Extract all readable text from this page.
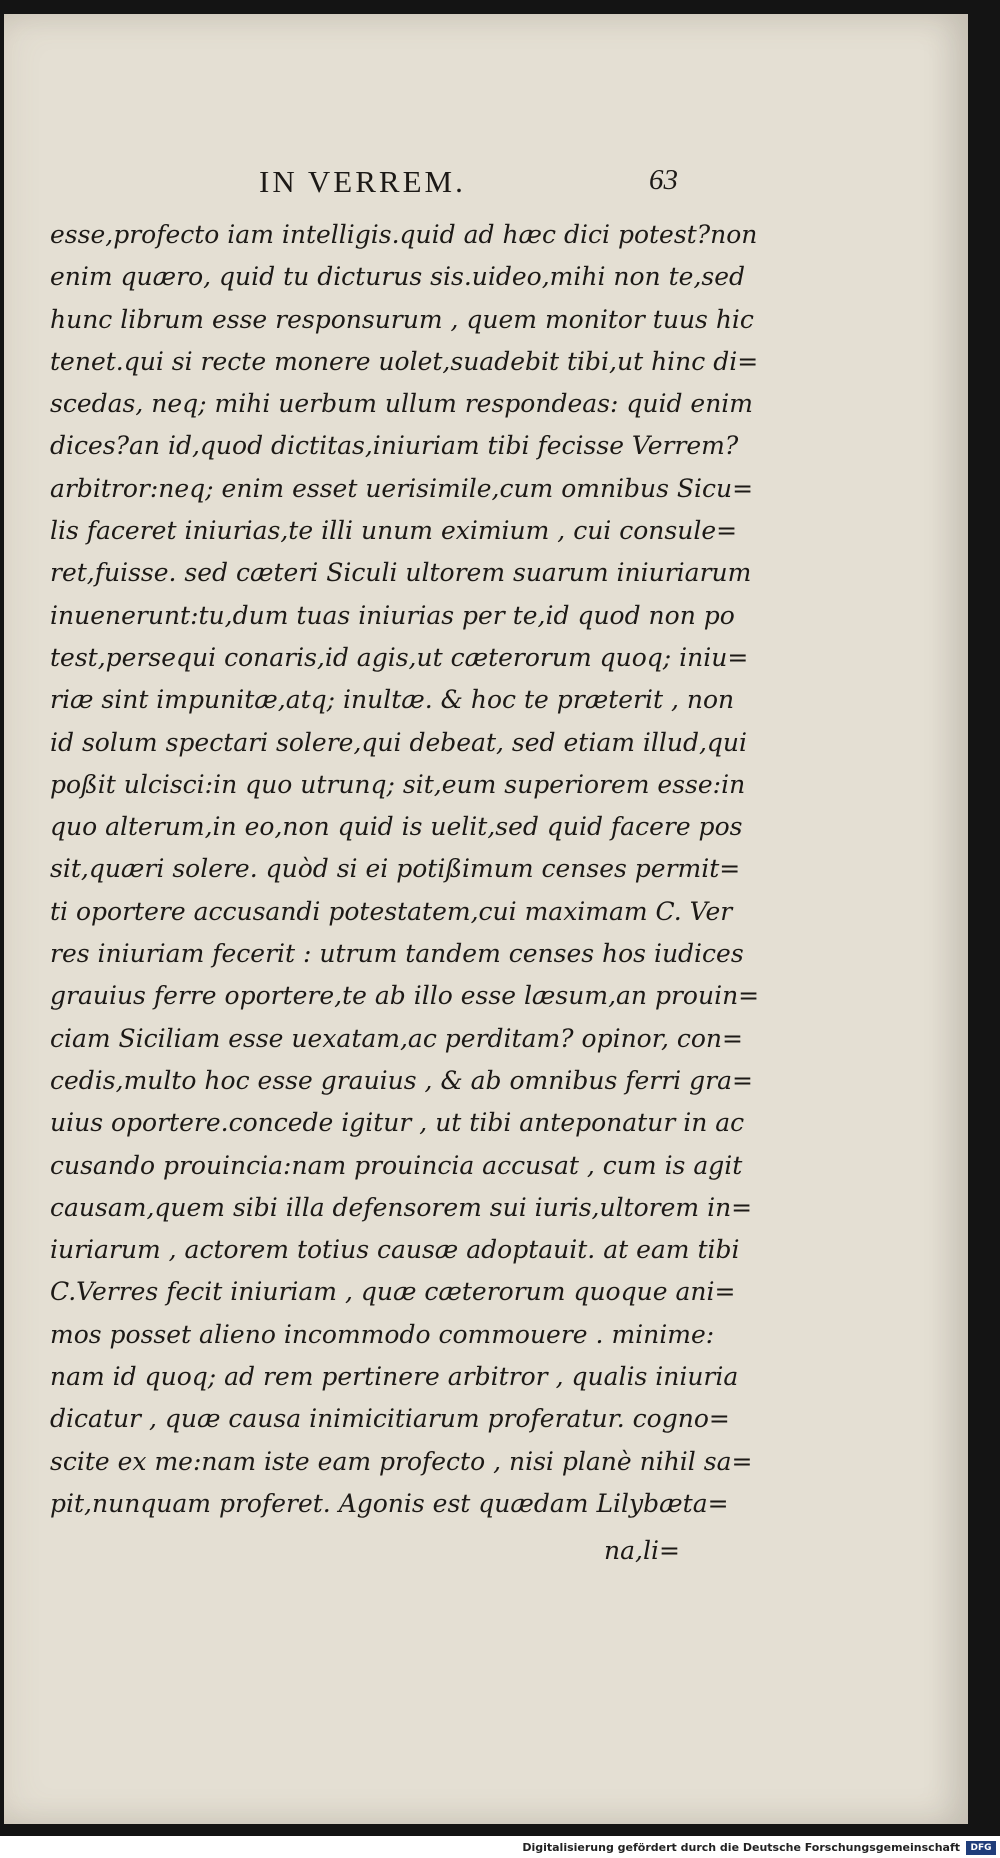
IN VERREM.	63
esse,profecto iam intelligis.quid ad hæc dici potest?non
enim quæro, quid tu dicturus sis.uideo,mihi non te,sed
hunc librum esse responsurum , quem monitor tuus hic
tenet.qui si recte monere uolet,suadebit tibi,ut hinc di=
scedas, neq; mihi uerbum ullum respondeas: quid enim
dices?an id,quod dictitas,iniuriam tibi fecisse Verrem?
arbitror:neq; enim esset uerisimile,cum omnibus Sicu=
lis faceret iniurias,te illi unum eximium , cui consule=
ret,fuisse. sed cæteri Siculi ultorem suarum iniuriarum
inuenerunt:tu,dum tuas iniurias per te,id quod non po
test,persequi conaris,id agis,ut cæterorum quoq; iniu=
riæ sint impunitæ,atq; inultæ. & hoc te præterit , non
id solum spectari solere,qui debeat, sed etiam illud,qui
poßit ulcisci:in quo utrunq; sit,eum superiorem esse:in
quo alterum,in eo,non quid is uelit,sed quid facere pos
sit,quæri solere. quòd si ei potißimum censes permit=
ti oportere accusandi potestatem,cui maximam C. Ver
res iniuriam fecerit : utrum tandem censes hos iudices
grauius ferre oportere,te ab illo esse læsum,an prouin=
ciam Siciliam esse uexatam,ac perditam? opinor, con=
cedis,multo hoc esse grauius , & ab omnibus ferri gra=
uius oportere.concede igitur , ut tibi anteponatur in ac
cusando prouincia:nam prouincia accusat , cum is agit
causam,quem sibi illa defensorem sui iuris,ultorem in=
iuriarum , actorem totius causæ adoptauit. at eam tibi
C.Verres fecit iniuriam , quæ cæterorum quoque ani=
mos posset alieno incommodo commouere . minime:
nam id quoq; ad rem pertinere arbitror , qualis iniuria
dicatur , quæ causa inimicitiarum proferatur. cogno=
scite ex me:nam iste eam profecto , nisi planè nihil sa=
pit,nunquam proferet. Agonis est quædam Lilybæta=
na,li=
Digitalisierung gefördert durch die Deutsche Forschungsgemeinschaft	DFG
